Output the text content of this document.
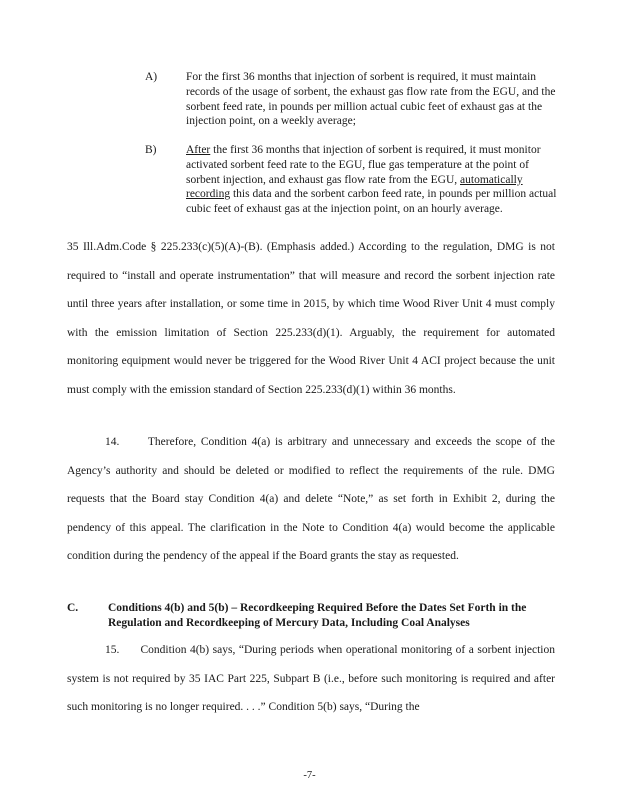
A)	For the first 36 months that injection of sorbent is required, it must maintain records of the usage of sorbent, the exhaust gas flow rate from the EGU, and the sorbent feed rate, in pounds per million actual cubic feet of exhaust gas at the injection point, on a weekly average;

B)	After the first 36 months that injection of sorbent is required, it must monitor activated sorbent feed rate to the EGU, flue gas temperature at the point of sorbent injection, and exhaust gas flow rate from the EGU, automatically recording this data and the sorbent carbon feed rate, in pounds per million actual cubic feet of exhaust gas at the injection point, on an hourly average.

35 Ill.Adm.Code § 225.233(c)(5)(A)-(B). (Emphasis added.) According to the regulation, DMG is not required to “install and operate instrumentation” that will measure and record the sorbent injection rate until three years after installation, or some time in 2015, by which time Wood River Unit 4 must comply with the emission limitation of Section 225.233(d)(1). Arguably, the requirement for automated monitoring equipment would never be triggered for the Wood River Unit 4 ACI project because the unit must comply with the emission standard of Section 225.233(d)(1) within 36 months.

14.      Therefore, Condition 4(a) is arbitrary and unnecessary and exceeds the scope of the Agency’s authority and should be deleted or modified to reflect the requirements of the rule. DMG requests that the Board stay Condition 4(a) and delete “Note,” as set forth in Exhibit 2, during the pendency of this appeal. The clarification in the Note to Condition 4(a) would become the applicable condition during the pendency of the appeal if the Board grants the stay as requested.

C.	Conditions 4(b) and 5(b) – Recordkeeping Required Before the Dates Set Forth in the Regulation and Recordkeeping of Mercury Data, Including Coal Analyses

15.      Condition 4(b) says, “During periods when operational monitoring of a sorbent injection system is not required by 35 IAC Part 225, Subpart B (i.e., before such monitoring is required and after such monitoring is no longer required. . . .” Condition 5(b) says, “During the

-7-
